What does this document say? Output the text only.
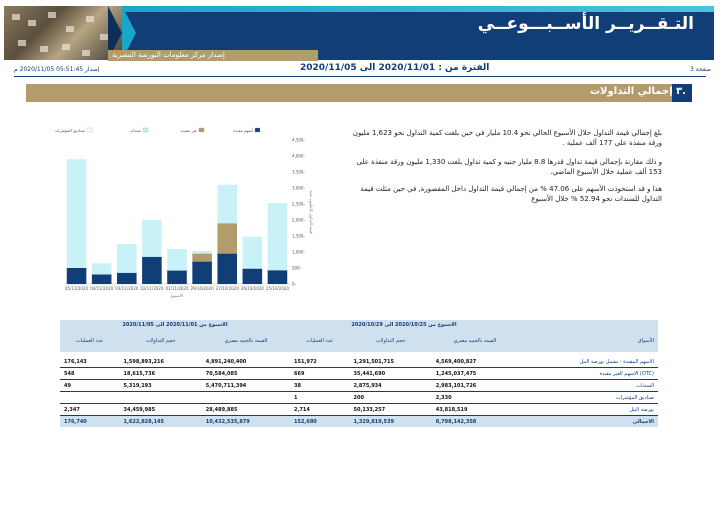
التـقــريــر الأســبـــوعــي
إصدار مركز معلومات البورصة المصرية
صفحة 3
الفترة من : 2020/11/01 الى 2020/11/05
إصدار 05:51:45 2020/11/05 م
إجمالي التداولات ٣.
بلغ إجمالي قيمة التداول خلال الأسبوع الحالي نحو 10.4 مليار في حين بلغت كمية التداول نحو 1,623 مليون ورقة منفذة على 177 ألف عملية .
و ذلك مقارنة بإجمالي قيمة تداول قدرها 8.8 مليار جنيه و كمية تداول بلغت 1,330 مليون ورقة منفذة على 153 ألف عملية خلال الأسبوع الماضي.
هذا و قد استحوذت الأسهم على 47.06 % من إجمالي قيمة التداول داخل المقصورة, في حين مثلت قيمة التداول للسندات نحو 52.94 % خلال الأسبوع
أسهم مقيدة
غير مقيدة
سندات
صناديق المؤشرات
4,500-
4,000-
3,500-
3,000-
2,500-
2,000-
1,500-
1,000-
500-
0-
قيمة التداول بالمليون جنيه
05/11/2020 04/11/2020 03/11/2020 02/11/2020 01/11/2020 29/10/2020 27/10/2020 26/10/2020 25/10/2020
الأسبوع
الاسبوع من 2020/11/01 الى 2020/11/05			الاسبوع من 2020/10/25 الى 2020/10/29			
عدد العمليات	حجم التداولات	القيمة بالجنيه مصري	عدد العمليات	حجم التداولات	القيمة بالجنيه مصري	الأسواق

176,143	1,598,893,216	4,891,240,400	151,972	1,291,501,715	4,569,400,827	الاسهم المقيدة - تشمل بورصة النيل
548	18,615,736	70,584,085	669	35,441,690	1,245,037,475	الاسهم الغير مقيدة (OTC)
49	5,319,193	5,470,711,394	38	2,875,934	2,983,101,726	السندات
			1	200	2,330	صناديق المؤشرات
2,347	34,459,985	28,489,885	2,714	50,133,257	43,818,519	بورصة النيل
176,740	1,622,828,145	10,432,535,879	152,680	1,329,819,539	8,798,142,358	الاجمالي
